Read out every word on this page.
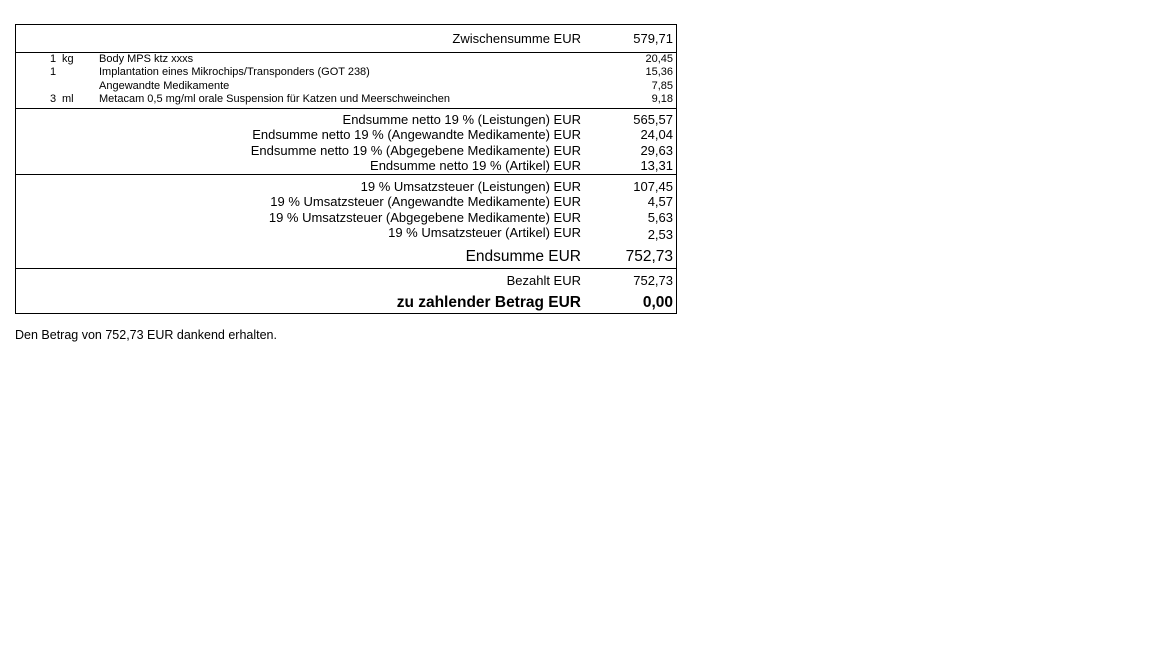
Zwischensumme EUR	579,71
1 kg Body MPS ktz xxxs	20,45
1	Implantation eines Mikrochips/Transponders (GOT 238)	15,36
Angewandte Medikamente	7,85
3 ml Metacam 0,5 mg/ml orale Suspension für Katzen und Meerschweinchen	9,18
Endsumme netto 19 % (Leistungen) EUR	565,57
Endsumme netto 19 % (Angewandte Medikamente) EUR	24,04
Endsumme netto 19 % (Abgegebene Medikamente) EUR	29,63
Endsumme netto 19 % (Artikel) EUR	13,31
19 % Umsatzsteuer (Leistungen) EUR	107,45
19 % Umsatzsteuer (Angewandte Medikamente) EUR	4,57
19 % Umsatzsteuer (Abgegebene Medikamente) EUR	5,63
19 % Umsatzsteuer (Artikel) EUR	2,53
Endsumme EUR	752,73
Bezahlt EUR	752,73
zu zahlender Betrag EUR	0,00
Den Betrag von 752,73 EUR dankend erhalten.
